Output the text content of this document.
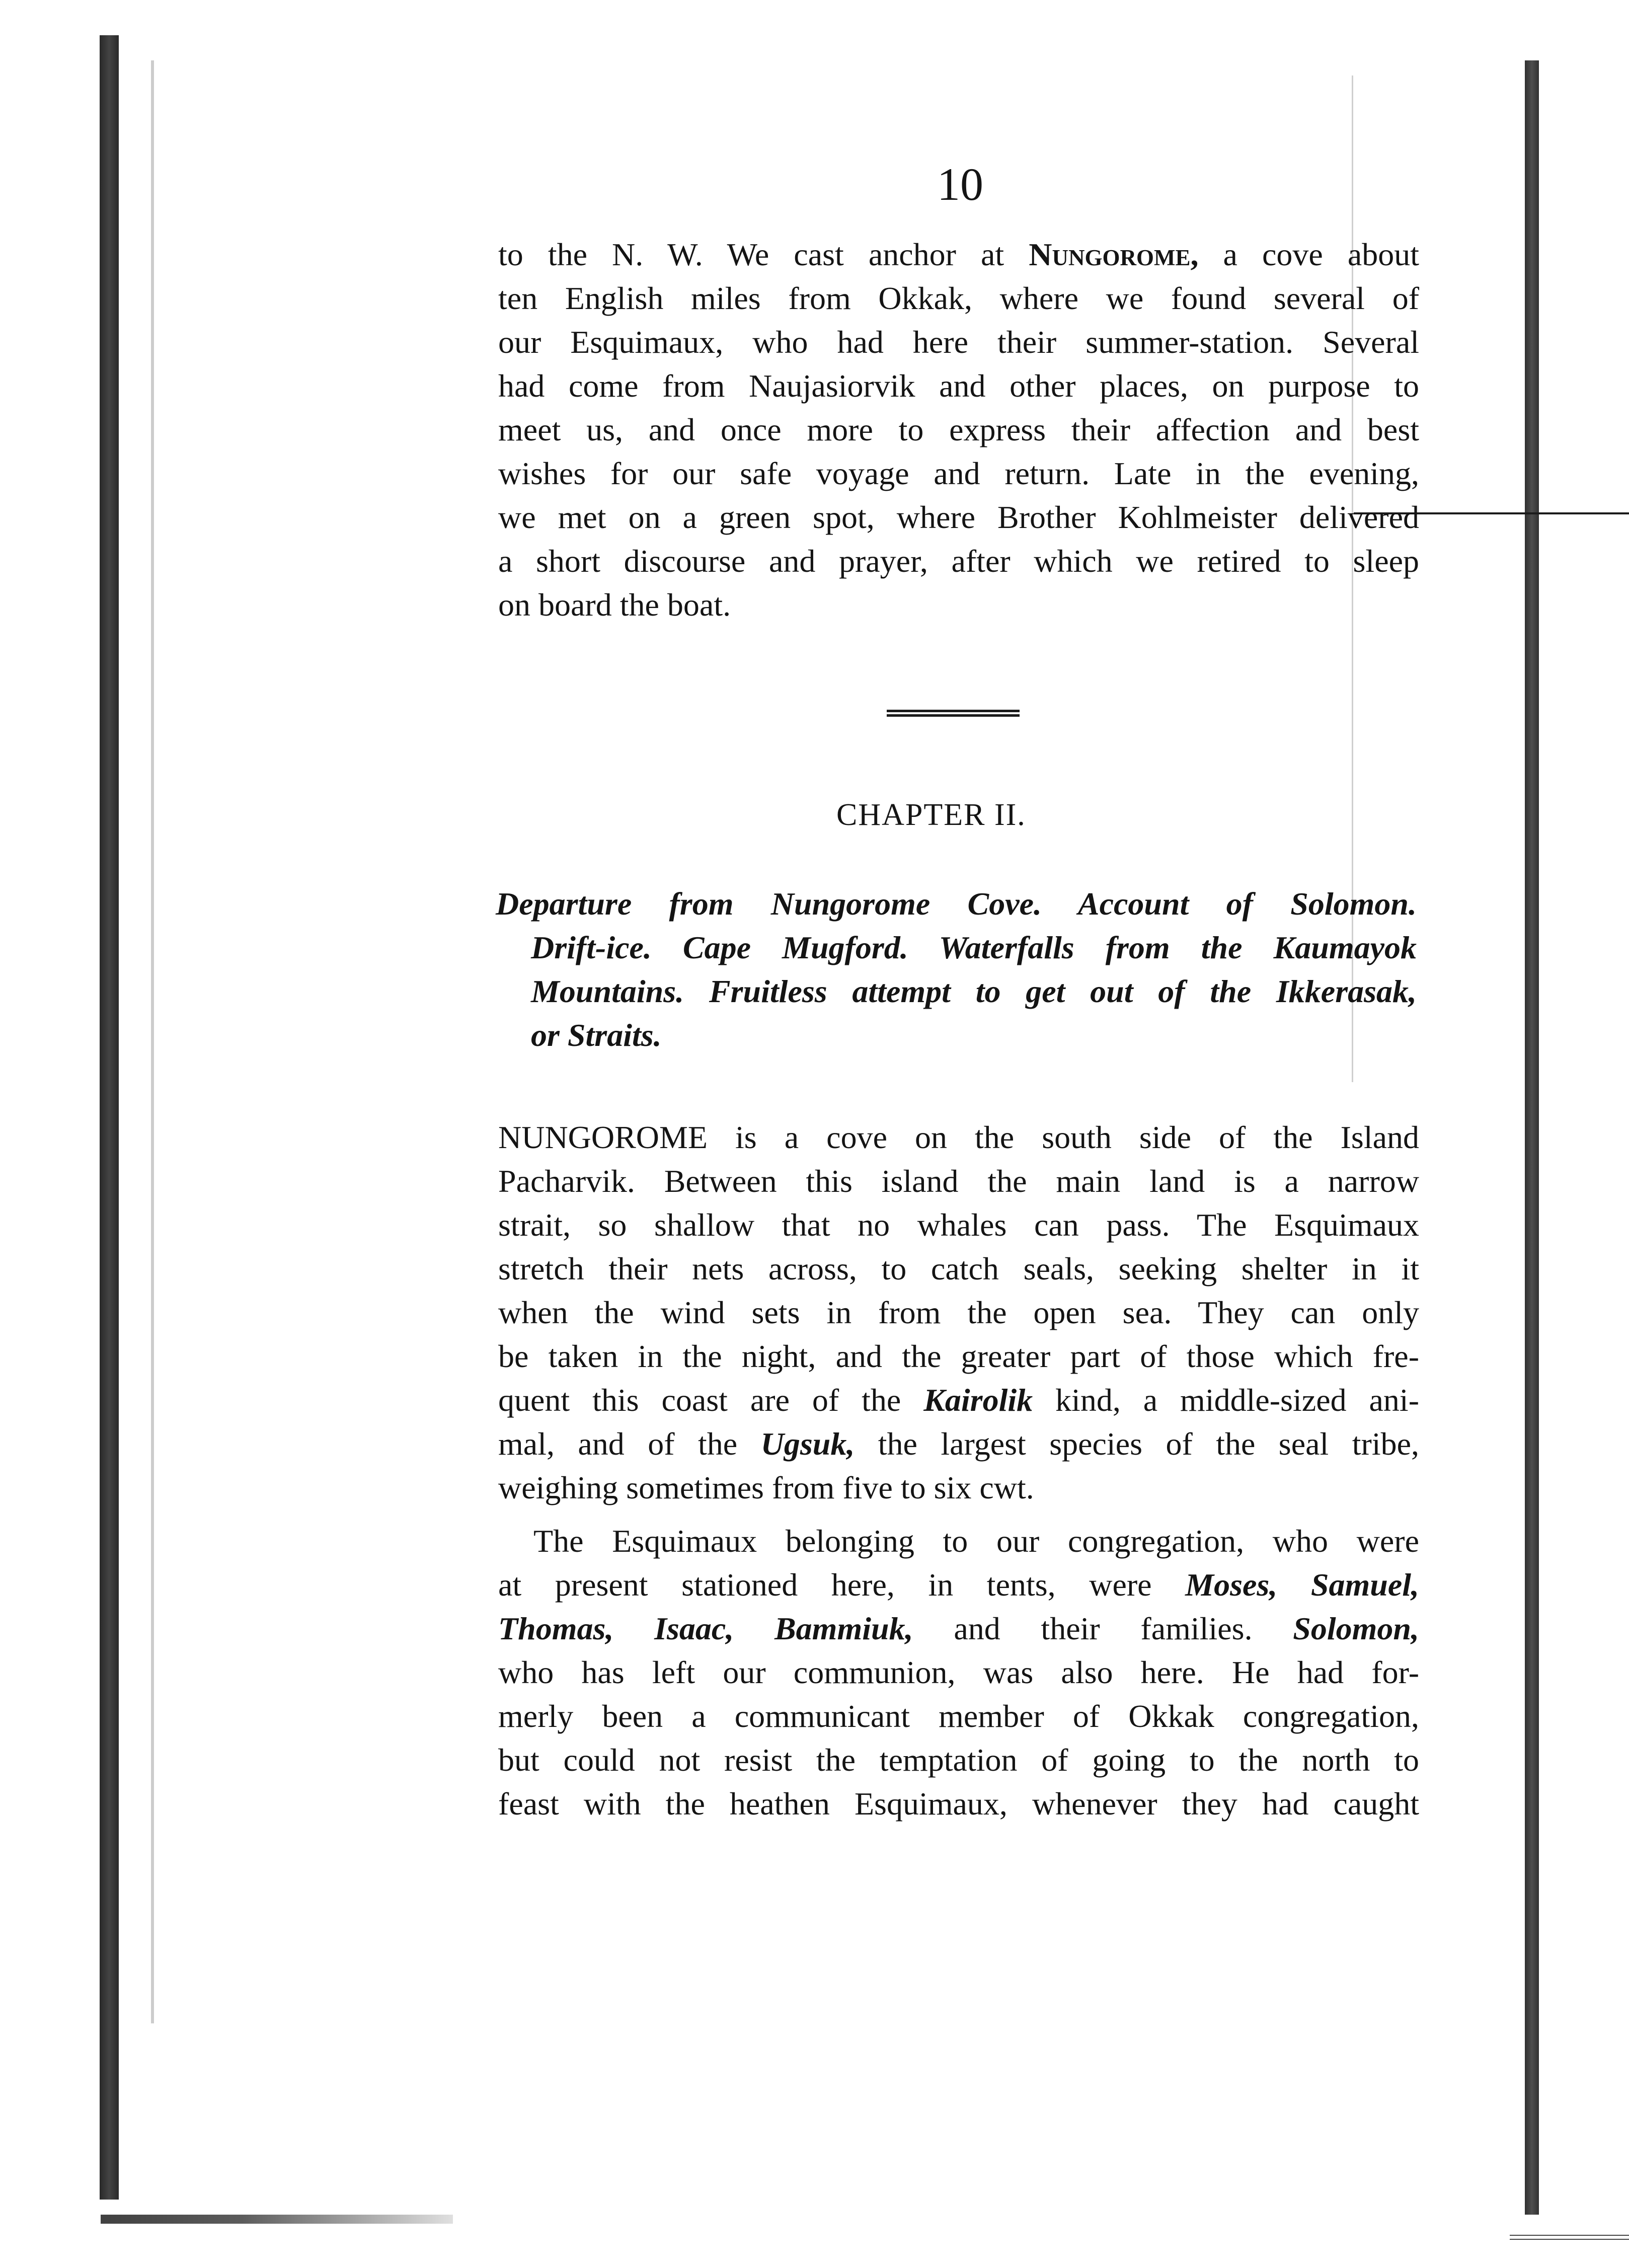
10
to the N. W. We cast anchor at Nungorome, a cove about
ten English miles from Okkak, where we found several of
our Esquimaux, who had here their summer-station. Several
had come from Naujasiorvik and other places, on purpose to
meet us, and once more to express their affection and best
wishes for our safe voyage and return. Late in the evening,
we met on a green spot, where Brother Kohlmeister delivered
a short discourse and prayer, after which we retired to sleep
on board the boat.
CHAPTER II.
Departure from Nungorome Cove. Account of Solomon.
Drift-ice. Cape Mugford. Waterfalls from the Kaumayok
Mountains. Fruitless attempt to get out of the Ikkerasak,
or Straits.
NUNGOROME is a cove on the south side of the Island
Pacharvik. Between this island the main land is a narrow
strait, so shallow that no whales can pass. The Esquimaux
stretch their nets across, to catch seals, seeking shelter in it
when the wind sets in from the open sea. They can only
be taken in the night, and the greater part of those which fre-
quent this coast are of the Kairolik kind, a middle-sized ani-
mal, and of the Ugsuk, the largest species of the seal tribe,
weighing sometimes from five to six cwt.
The Esquimaux belonging to our congregation, who were
at present stationed here, in tents, were Moses, Samuel,
Thomas, Isaac, Bammiuk, and their families. Solomon,
who has left our communion, was also here. He had for-
merly been a communicant member of Okkak congregation,
but could not resist the temptation of going to the north to
feast with the heathen Esquimaux, whenever they had caught
